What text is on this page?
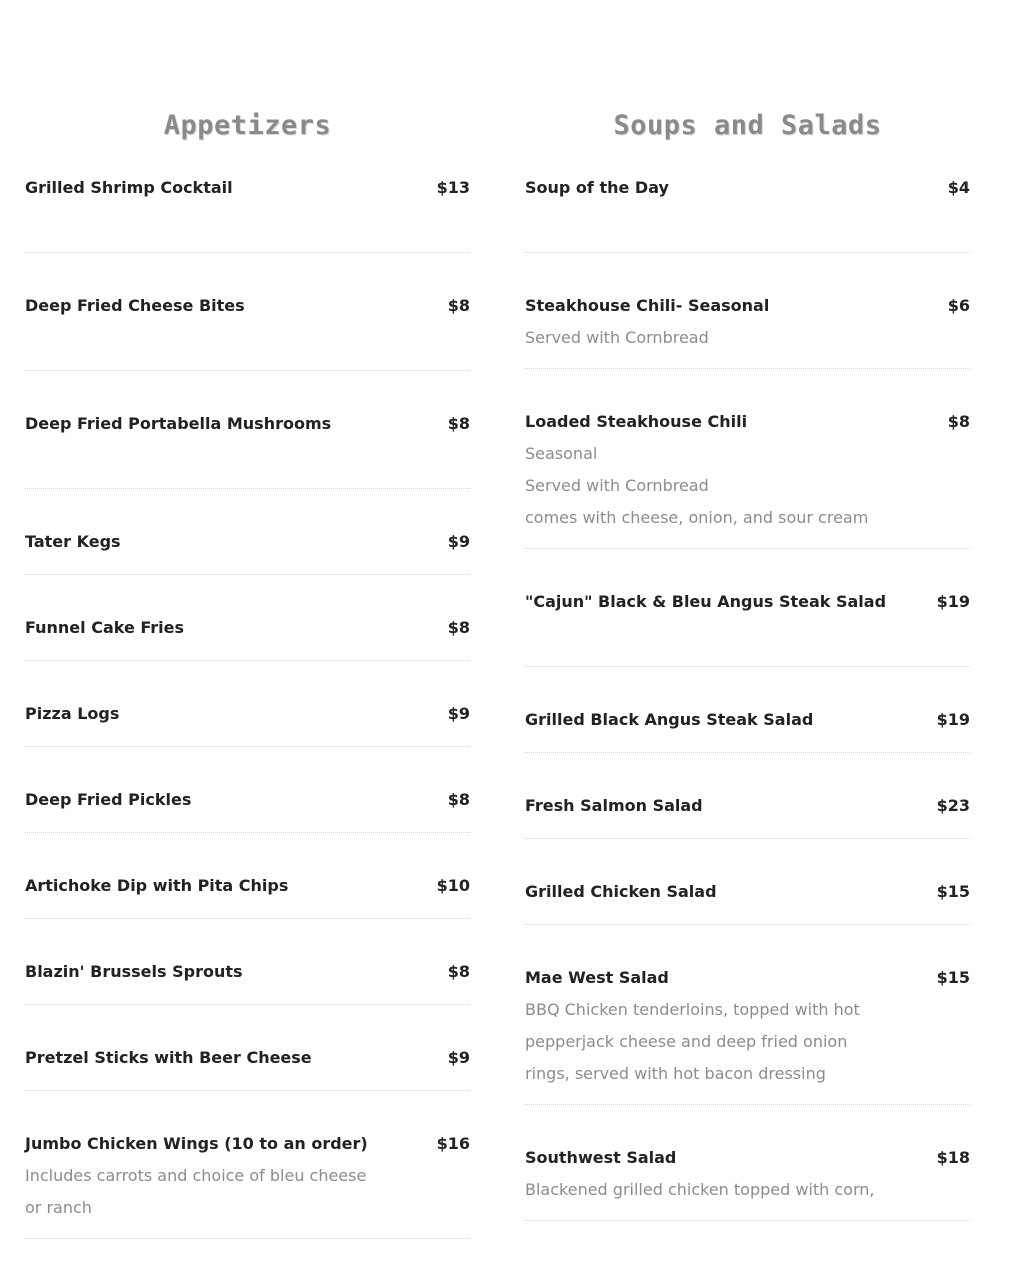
Appetizers
Grilled Shrimp Cocktail	$13
Deep Fried Cheese Bites	$8
Deep Fried Portabella Mushrooms	$8
Tater Kegs	$9
Funnel Cake Fries	$8
Pizza Logs	$9
Deep Fried Pickles	$8
Artichoke Dip with Pita Chips	$10
Blazin' Brussels Sprouts	$8
Pretzel Sticks with Beer Cheese	$9
Jumbo Chicken Wings (10 to an order)	$16
Includes carrots and choice of bleu cheese or ranch
Soups and Salads
Soup of the Day	$4
Steakhouse Chili- Seasonal	$6
Served with Cornbread
Loaded Steakhouse Chili	$8
Seasonal
Served with Cornbread
comes with cheese, onion, and sour cream
"Cajun" Black & Bleu Angus Steak Salad	$19
Grilled Black Angus Steak Salad	$19
Fresh Salmon Salad	$23
Grilled Chicken Salad	$15
Mae West Salad	$15
BBQ Chicken tenderloins, topped with hot pepperjack cheese and deep fried onion rings, served with hot bacon dressing
Southwest Salad	$18
Blackened grilled chicken topped with corn,
